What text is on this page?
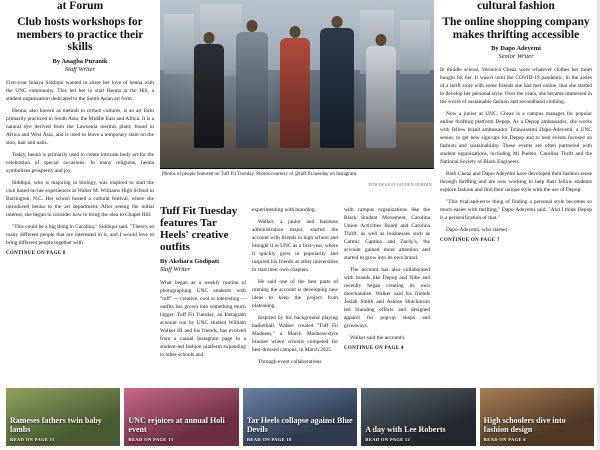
at Forum
Club hosts workshops for members to practice their skills
By Anagha Puranik
Staff Writer

First-year Inaaya Siddiqui wanted to share her love of henna with the UNC community. This led her to start Henna at the Hill, a student organization dedicated to the South Asian art form.

Henna, also known as mehndi in certain cultures, is an art form primarily practiced in South Asia, the Middle East and Africa. It is a natural dye derived from the Lawsonia inermis plant, found in Africa and West Asia, and is used to leave a temporary stain on the skin, hair and nails.

Today, henna is primarily used to create intricate body art for the celebration of special occasions. In many religions, henna symbolizes prosperity and joy.

Siddiqui, who is majoring in biology, was inspired to start the club based on her experiences at Walter M. Williams High School in Burlington, N.C. Her school hosted a cultural festival, where she introduced henna to the art department. After seeing the initial interest, she began to consider how to bring the idea to Chapel Hill.

"This could be a big thing in Carolina," Siddiqui said. "There's so many different people that are interested in it, and I would love to bring different people together with

CONTINUE ON PAGE 8
Photos of people featured on Tuff Fit Tuesday. Photos courtesy of @tuff.fit.tuesday on Instagram.
DTH DESIGN/JAYDEN PURDIN
cultural fashion
The online shopping company makes thrifting accessible
By Dapo Adeyemi
Senior Writer

In middle school, Veronica Cheaz wore whatever clothes her mom bought for her. It wasn't until the COVID-19 pandemic, in the aisles of a thrift store with some friends she had met online, that she started to develop her personal style. Over the years, she became immersed in the world of sustainable fashion and secondhand clothing.

Now a junior at UNC, Cheaz is a campus manager for popular online thrifting platform Depop. As a Depop ambassador, she works with fellow brand ambassador Tolawaseimi Dapo-Adeyemi, a UNC senior, to get new sign-ups for Depop and to host events focused on fashion and sustainability. These events are often partnered with student organizations, including Mi Pueblo, Carolina Thrift and the National Society of Black Engineers.

Both Cheaz and Dapo-Adeyemi have developed their fashion sense through thrifting and are now working to help their fellow students explore fashion and find their unique style with the use of Depop.

"This trial-and-error thing of finding a personal style becomes so much easier with thrifting," Dapo-Adeyemi said. "And I think Depop is a personification of that."

Dapo-Adeyemi, who started

CONTINUE ON PAGE 7
Tuff Fit Tuesday features Tar Heels' creative outfits
By Akshara Godipati
Staff Writer

What began as a weekly routine of photographing UNC students with "tuff" — creative, cool or interesting — outfits has grown into something much bigger. Tuff Fit Tuesday, an Instagram account run by UNC student William Walker III and his friends, has evolved from a casual Instagram page to a student-led fashion platform expanding to other schools and

experimenting with branding.

Walker, a junior and business administration major, started the account with friends in high school and brought it to UNC as a first-year, where it quickly grew in popularity and inspired his friends at other universities to start their own chapters.

He said one of the best parts of running the account is developing new ideas to keep the project from plateauing.

Inspired by his background playing basketball, Walker created "Tuff Fit Madness," a March Madness-style bracket where schools competed for best-dressed campus, in March 2025.

Through event collaborations

with campus organizations like the Black Student Movement, Carolina Union Activities Board and Carolina Thrift, as well as businesses such as Carmic Cantina and Zachy's, the account gained more attention and started to grow into its own brand.

The account has also collaborated with brands like Depop and Nike and recently began creating its own merchandise. Walker said his friends Josiah Smith and Ashton Hutchinson led branding efforts and designed apparel for pop-up shops and giveaways.

Walker said the account's

CONTINUE ON PAGE 4
Rameses fathers twin baby lambs
READ ON PAGE 11
UNC rejoices at annual Holi event
READ ON PAGE 13
Tar Heels collapse against Blue Devils
READ ON PAGE 18
A day with Lee Roberts
READ ON PAGE 12
High schoolers dive into fashion design
READ ON PAGE 6
